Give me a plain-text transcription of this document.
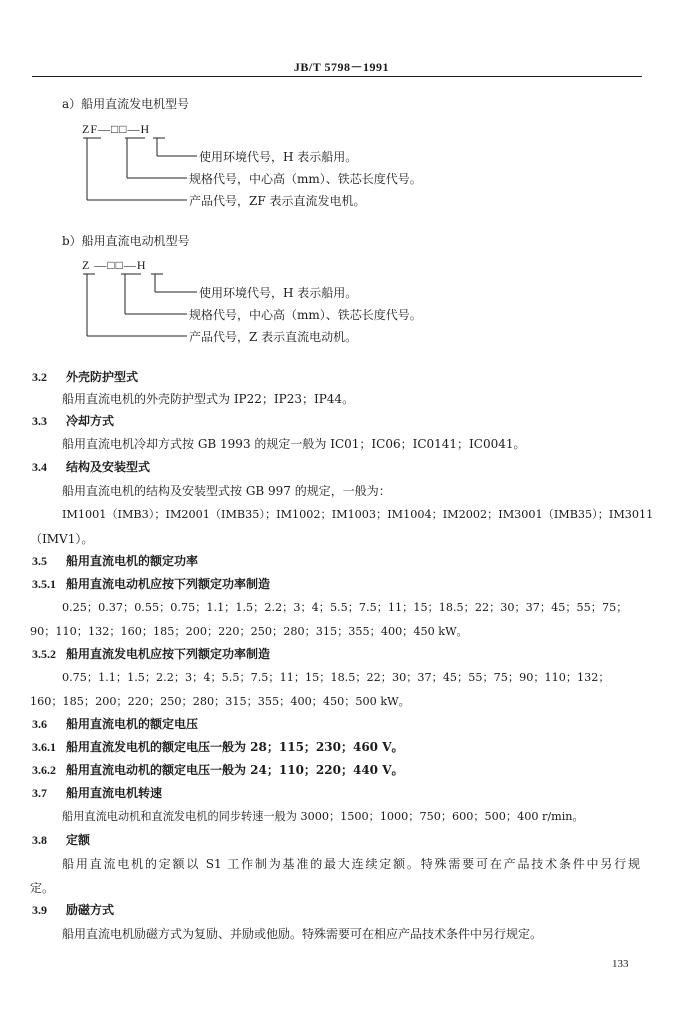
JB/T 5798－1991
a）船用直流发电机型号
ZF—□□—H
使用环境代号，H 表示船用。
规格代号，中心高（mm）、铁芯长度代号。
产品代号，ZF 表示直流发电机。
b）船用直流电动机型号
Z —□□—H
使用环境代号，H 表示船用。
规格代号，中心高（mm）、铁芯长度代号。
产品代号，Z 表示直流电动机。
3.2 外壳防护型式
船用直流电机的外壳防护型式为 IP22；IP23；IP44。
3.3 冷却方式
船用直流电机冷却方式按 GB 1993 的规定一般为 IC01；IC06；IC0141；IC0041。
3.4 结构及安装型式
船用直流电机的结构及安装型式按 GB 997 的规定，一般为：
IM1001（IMB3）；IM2001（IMB35）；IM1002；IM1003；IM1004；IM2002；IM3001（IMB35）；IM3011
（IMV1）。
3.5 船用直流电机的额定功率
3.5.1 船用直流电动机应按下列额定功率制造
0.25；0.37；0.55；0.75；1.1；1.5；2.2；3；4；5.5；7.5；11；15；18.5；22；30；37；45；55；75；
90；110；132；160；185；200；220；250；280；315；355；400；450 kW。
3.5.2 船用直流发电机应按下列额定功率制造
0.75；1.1；1.5；2.2；3；4；5.5；7.5；11；15；18.5；22；30；37；45；55；75；90；110；132；
160；185；200；220；250；280；315；355；400；450；500 kW。
3.6 船用直流电机的额定电压
3.6.1 船用直流发电机的额定电压一般为 28；115；230；460 V。
3.6.2 船用直流电动机的额定电压一般为 24；110；220；440 V。
3.7 船用直流电机转速
船用直流电动机和直流发电机的同步转速一般为 3000；1500；1000；750；600；500；400 r/min。
3.8 定额
船用直流电机的定额以 S1 工作制为基准的最大连续定额。特殊需要可在产品技术条件中另行规
定。
3.9 励磁方式
船用直流电机励磁方式为复励、并励或他励。特殊需要可在相应产品技术条件中另行规定。
133
